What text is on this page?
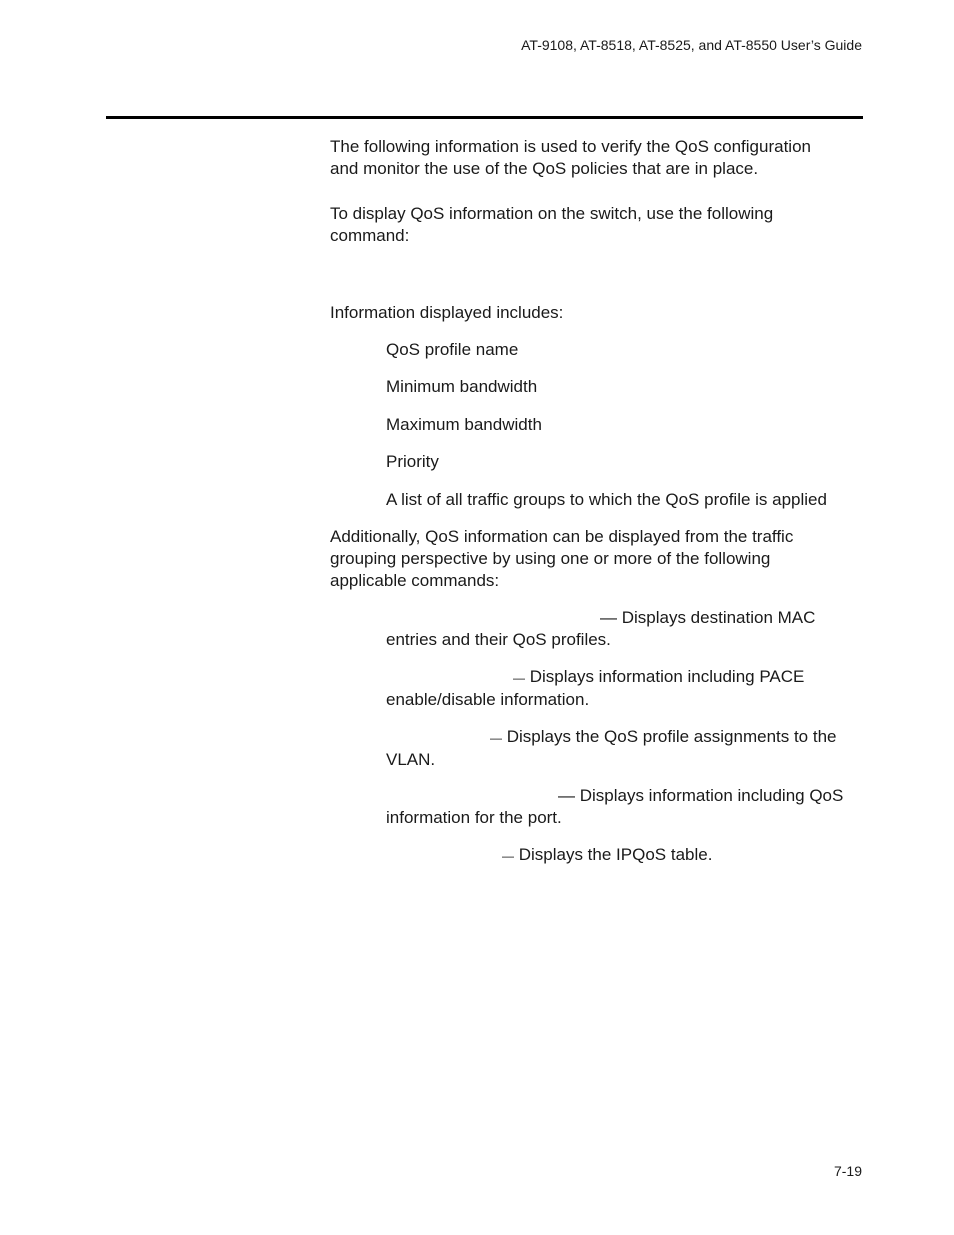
AT-9108, AT-8518, AT-8525, and AT-8550 User’s Guide

The following information is used to verify the QoS configuration
and monitor the use of the QoS policies that are in place.

To display QoS information on the switch, use the following
command:

Information displayed includes:

QoS profile name
Minimum bandwidth
Maximum bandwidth
Priority
A list of all traffic groups to which the QoS profile is applied

Additionally, QoS information can be displayed from the traffic
grouping perspective by using one or more of the following
applicable commands:

— Displays destination MAC
entries and their QoS profiles.
— Displays information including PACE
enable/disable information.
— Displays the QoS profile assignments to the
VLAN.
— Displays information including QoS
information for the port.
— Displays the IPQoS table.
7-19
